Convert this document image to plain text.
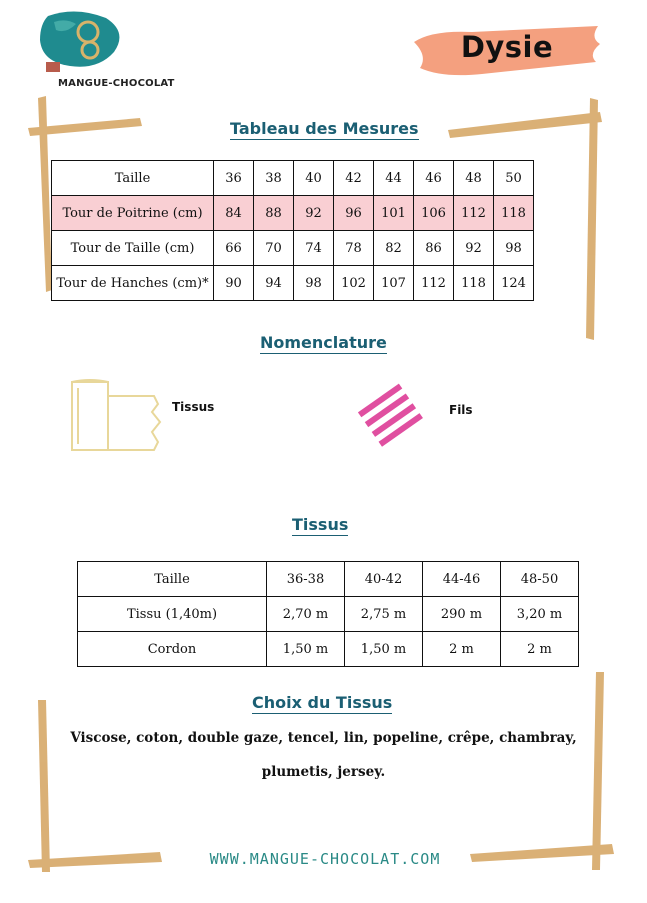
MANGUE-CHOCOLAT
Dysie
Tableau des Mesures
Taille	36	38	40	42	44	46	48	50
Tour de Poitrine (cm)	84	88	92	96	101	106	112	118
Tour de Taille (cm)	66	70	74	78	82	86	92	98
Tour de Hanches (cm)*	90	94	98	102	107	112	118	124
Nomenclature
Tissus	Fils
Tissus
Taille	36-38	40-42	44-46	48-50
Tissu (1,40m)	2,70 m	2,75 m	290 m	3,20 m
Cordon	1,50 m	1,50 m	2 m	2 m
Choix du Tissus
Viscose, coton, double gaze, tencel, lin, popeline, crêpe, chambray,
plumetis, jersey.
WWW.MANGUE-CHOCOLAT.COM
